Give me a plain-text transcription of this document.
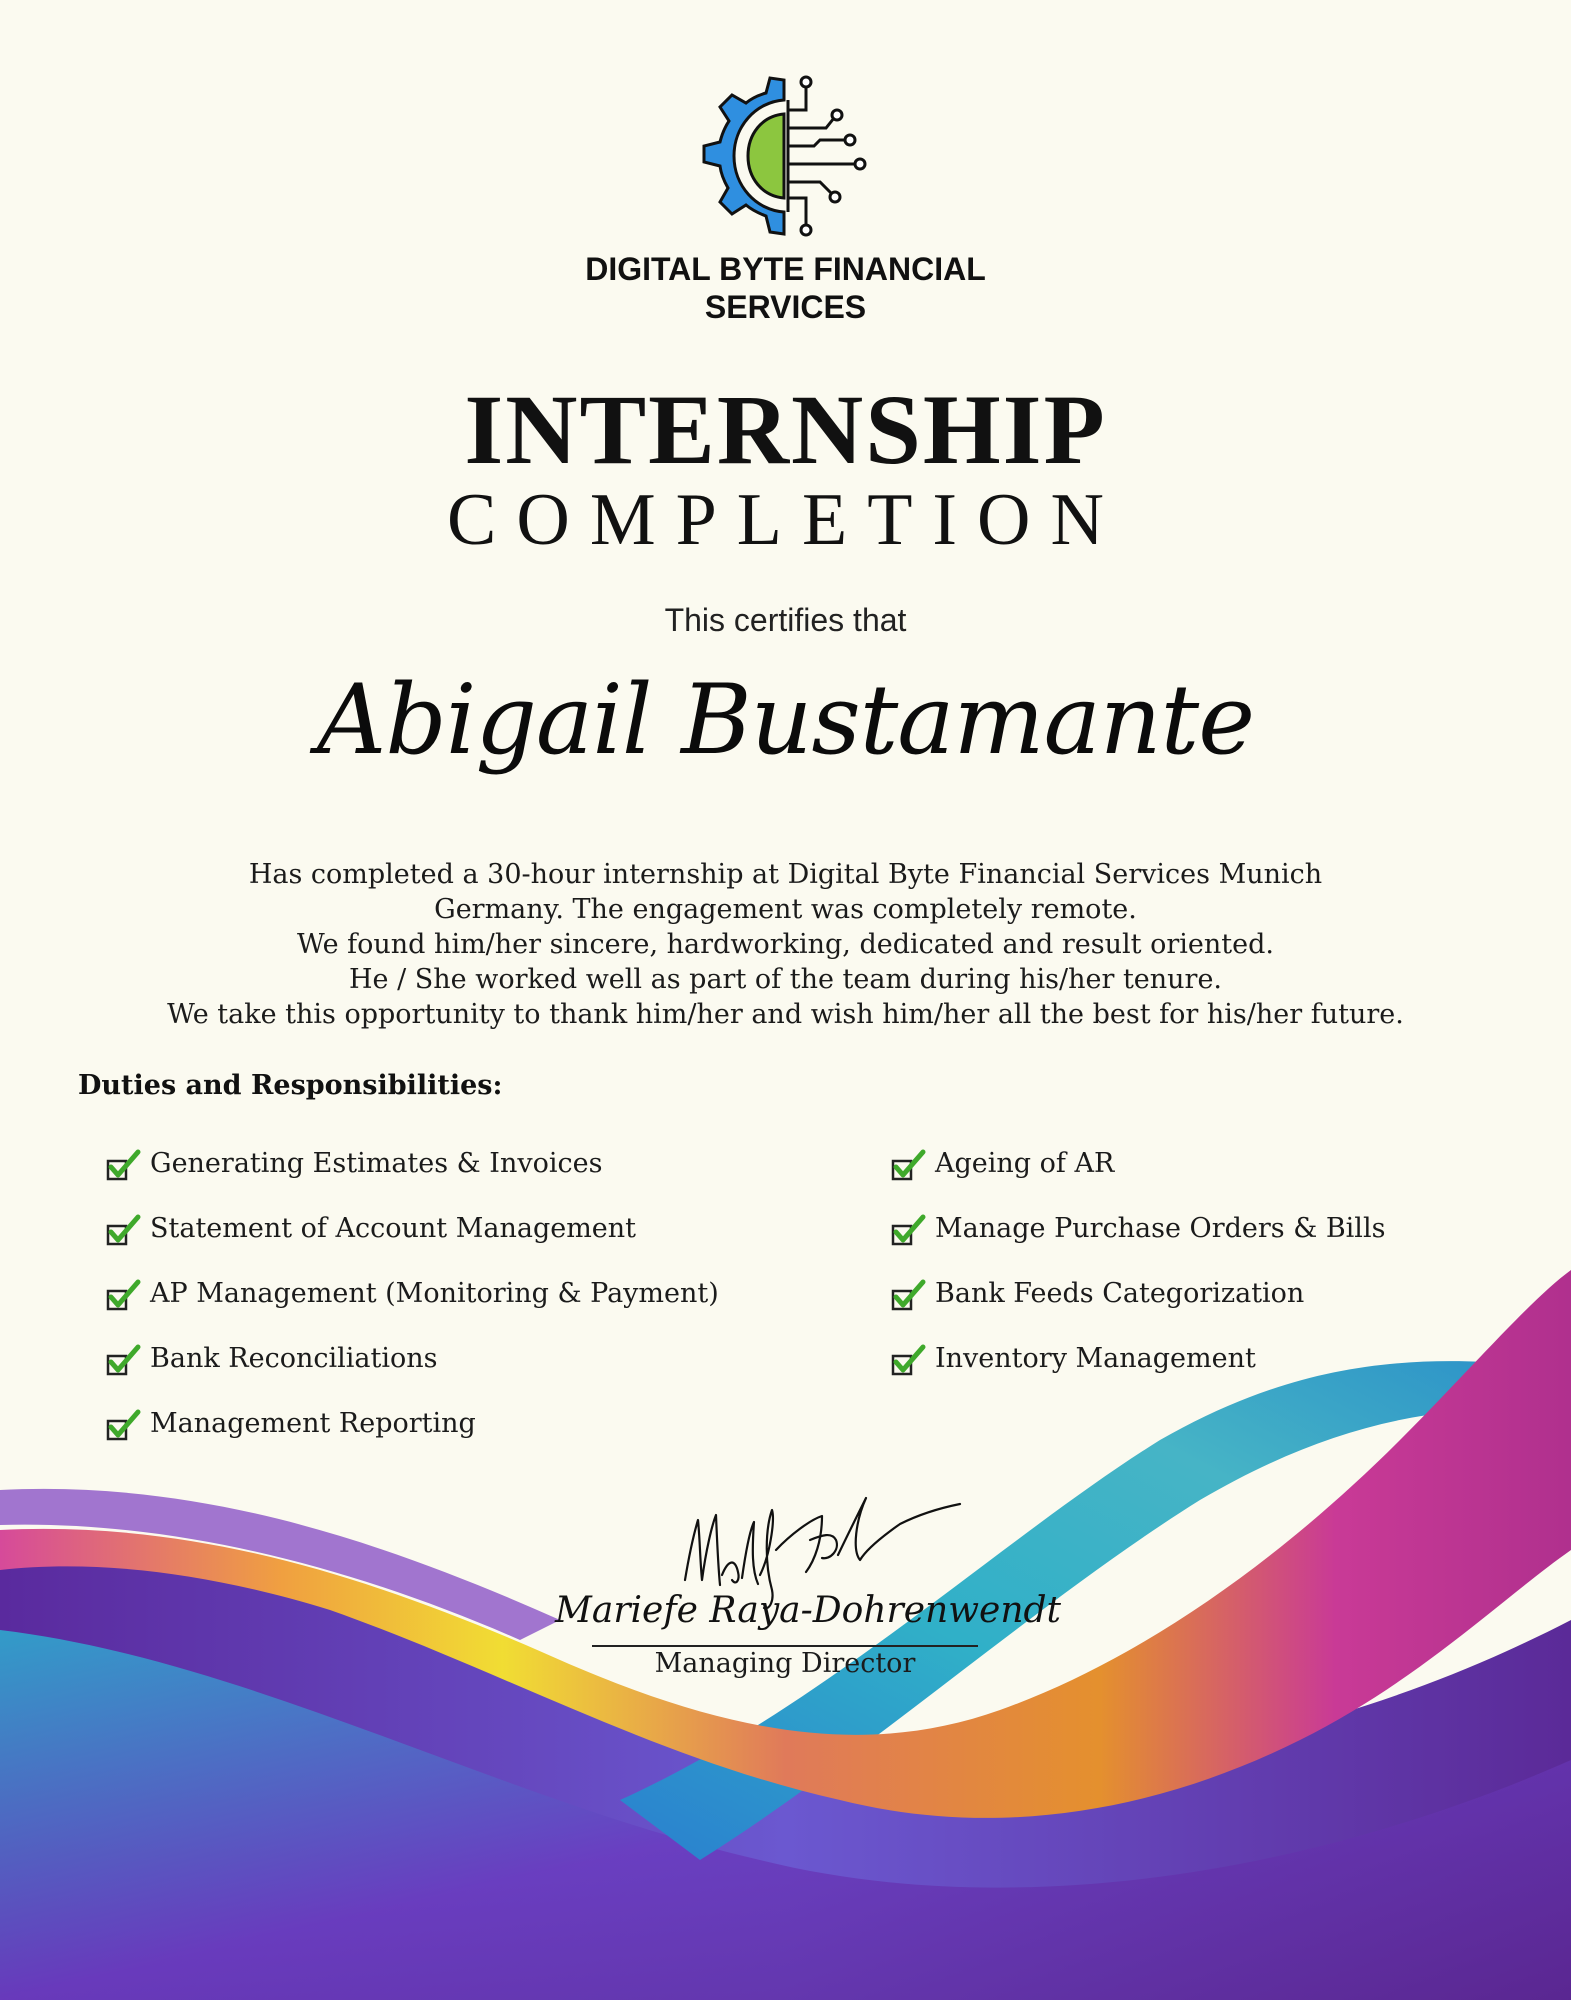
DIGITAL BYTE FINANCIAL
SERVICES
INTERNSHIP
COMPLETION
This certifies that
Abigail Bustamante
Has completed a 30-hour internship at Digital Byte Financial Services Munich
Germany. The engagement was completely remote.
We found him/her sincere, hardworking, dedicated and result oriented.
He / She worked well as part of the team during his/her tenure.
We take this opportunity to thank him/her and wish him/her all the best for his/her future.
Duties and Responsibilities:
Generating Estimates & Invoices
Statement of Account Management
AP Management (Monitoring & Payment)
Bank Reconciliations
Management Reporting
Ageing of AR
Manage Purchase Orders & Bills
Bank Feeds Categorization
Inventory Management
Mariefe Raya-Dohrenwendt
Managing Director
